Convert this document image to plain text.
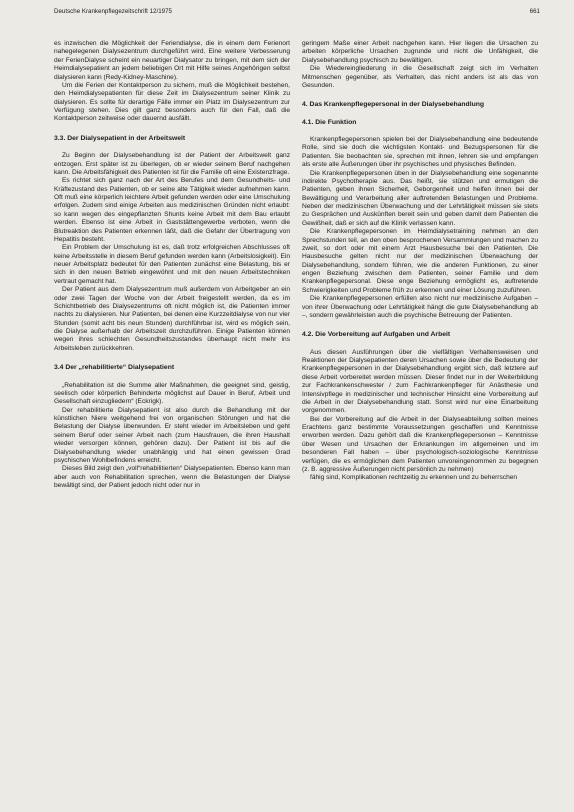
Deutsche Krankenpflegezeitschrift 12/1975	661

es inzwischen die Möglichkeit der Feriendialyse, die in einem dem Ferienort nahegelegenen Dialysezentrum durchgeführt wird. Eine weitere Verbesserung der FerienDialyse scheint ein neuartiger Dialysator zu bringen, mit dem sich der Heimdialysepatient an jedem beliebigen Ort mit Hilfe seines Angehörigen selbst dialysieren kann (Redy-Kidney-Maschine).

Um die Ferien der Kontaktperson zu sichern, muß die Möglichkeit bestehen, den Heimdialysepatienten für diese Zeit im Dialysezentrum seiner Klinik zu dialysieren. Es sollte für derartige Fälle immer ein Platz im Dialysezentrum zur Verfügung stehen. Dies gilt ganz besonders auch für den Fall, daß die Kontaktperson zeitweise oder dauernd ausfällt.

3.3. Der Dialysepatient in der Arbeitswelt

Zu Beginn der Dialysebehandlung ist der Patient der Arbeitswelt ganz entzogen. Erst später ist zu überlegen, ob er wieder seinem Beruf nachgehen kann. Die Arbeitsfähigkeit des Patienten ist für die Familie oft eine Existenzfrage.

Es richtet sich ganz nach der Art des Berufes und dem Gesundheits- und Kräftezustand des Patienten, ob er seine alte Tätigkeit wieder aufnehmen kann. Oft muß eine körperlich leichtere Arbeit gefunden werden oder eine Umschulung erfolgen. Zudem sind einige Arbeiten aus medizinischen Gründen nicht erlaubt: so kann wegen des eingepflanzten Shunts keine Arbeit mit dem Bau erlaubt werden. Ebenso ist eine Arbeit in Gaststättengewerbe verboten, wenn die Blutreaktion des Patienten erkennen läßt, daß die Gefahr der Übertragung von Hepatitis besteht.

Ein Problem der Umschulung ist es, daß trotz erfolgreichen Abschlusses oft keine Arbeitsstelle in diesem Beruf gefunden werden kann (Arbeitslosigkeit). Ein neuer Arbeitsplatz bedeutet für den Patienten zunächst eine Belastung, bis er sich in den neuen Betrieb eingewöhnt und mit den neuen Arbeitstechniken vertraut gemacht hat.

Der Patient aus dem Dialysezentrum muß außerdem von Arbeitgeber an ein oder zwei Tagen der Woche von der Arbeit freigestellt werden, da es im Schichtbetrieb des Dialysezentrums oft nicht möglich ist, die Patienten immer nachts zu dialysieren. Nur Patienten, bei denen eine Kurzzeitdialyse von nur vier Stunden (somit acht bis neun Stunden) durchführbar ist, wird es möglich sein, die Dialyse außerhalb der Arbeitszeit durchzuführen. Einige Patienten können wegen ihres schlechten Gesundheitszustandes überhaupt nicht mehr ins Arbeitsleben zurückkehren.

3.4 Der „rehabilitierte“ Dialysepatient

„Rehabilitation ist die Summe aller Maßnahmen, die geeignet sind, geistig, seelisch oder körperlich Behinderte möglichst auf Dauer in Beruf, Arbeit und Gesellschaft einzugliedern“ (Eckrigk).

Der rehabilitierte Dialysepatient ist also durch die Behandlung mit der künstlichen Niere weitgehend frei von organischen Störungen und hat die Belastung der Dialyse überwunden. Er steht wieder im Arbeitsleben und geht seinem Beruf oder seiner Arbeit nach (zum Hausfrauen, die ihren Haushalt wieder versorgen können, gehören dazu). Der Patient ist bis auf die Dialysebehandlung wieder unabhängig und hat einen gewissen Grad psychischen Wohlbefindens erreicht.

Dieses Bild zeigt den „voll“rehabilitierten“ Dialysepatienten. Ebenso kann man aber auch von Rehabilitation sprechen, wenn die Belastungen der Dialyse bewältigt sind, der Patient jedoch nicht oder nur in

geringem Maße einer Arbeit nachgehen kann. Hier liegen die Ursachen zu arbeiten körperliche Ursachen zugrunde und nicht die Unfähigkeit, die Dialysebehandlung psychisch zu bewältigen.

Die Wiedereingliederung in die Gesellschaft zeigt sich im Verhalten Mitmenschen gegenüber, als Verhalten, das nicht anders ist als das von Gesunden.

4. Das Krankenpflegepersonal in der Dialysebehandlung
4.1. Die Funktion

Krankenpflegepersonen spielen bei der Dialysebehandlung eine bedeutende Rolle, sind sie doch die wichtigsten Kontakt- und Bezugspersonen für die Patienten. Sie beobachten sie, sprechen mit ihnen, lehren sie und empfangen als erste alle Äußerungen über ihr psychisches und physisches Befinden.

Die Krankenpflegepersonen üben in der Dialysebehandlung eine sogenannte indirekte Psychotherapie aus. Das heißt, sie stützen und ermutigen die Patienten, geben ihnen Sicherheit, Geborgenheit und helfen ihnen bei der Bewältigung und Verarbeitung aller auftretenden Belastungen und Probleme. Neben der medizinischen Überwachung und der Lehrtätigkeit müssen sie stets zu Gesprächen und Auskünften bereit sein und geben damit dem Patienten die Gewißheit, daß er sich auf die Klinik verlassen kann.

Die Krankenpflegepersonen im Heimdialysetraining nehmen an den Sprechstunden teil, an den oben besprochenen Versammlungen und machen zu zweit, so dort oder mit einem Arzt Hausbesuche bei den Patienten. Die Hausbesuche gelten nicht nur der medizinischen Überwachung der Dialysebehandlung, sondern führen, wie die anderen Funktionen, zu einer engen Beziehung zwischen dem Patienten, seiner Familie und dem Krankenpflegepersonal. Diese enge Beziehung ermöglicht es, auftretende Schwierigkeiten und Probleme früh zu erkennen und einer Lösung zuzuführen.

Die Krankenpflegepersonen erfüllen also nicht nur medizinische Aufgaben – von ihrer Überwachung oder Lehrtätigkeit hängt die gute Dialysebehandlung ab –, sondern gewährleisten auch die psychische Betreuung der Patienten.

4.2. Die Vorbereitung auf Aufgaben und Arbeit

Aus diesen Ausführungen über die vielfältigen Verhaltensweisen und Reaktionen der Dialysepatienten deren Ursachen sowie über die Bedeutung der Krankenpflegepersonen in der Dialysebehandlung ergibt sich, daß letztere auf diese Arbeit vorbereitet werden müssen. Dieser findet nur in der Weiterbildung zur Fachkrankenschwester / zum Fachkrankenpfleger für Anästhesie und Intensivpflege in medizinischer und technischer Hinsicht eine Vorbereitung auf die Arbeit in der Dialysebehandlung statt. Sonst wird nur eine Einarbeitung vorgenommen.

Bei der Vorbereitung auf die Arbeit in der Dialyseabteilung sollten meines Erachtens ganz bestimmte Voraussetzungen geschaffen und Kenntnisse erworben werden. Dazu gehört daß die Krankenpflegepersonen – Kenntnisse über Wesen und Ursachen der Erkrankungen im allgemeinen und im besonderen Fall haben – über psychologisch-soziologische Kenntnisse verfügen, die es ermöglichen dem Patienten unvoreingenommen zu begegnen (z. B. aggressive Äußerungen nicht persönlich zu nehmen)

fähig sind, Komplikationen rechtzeitig zu erkennen und zu beherrschen
